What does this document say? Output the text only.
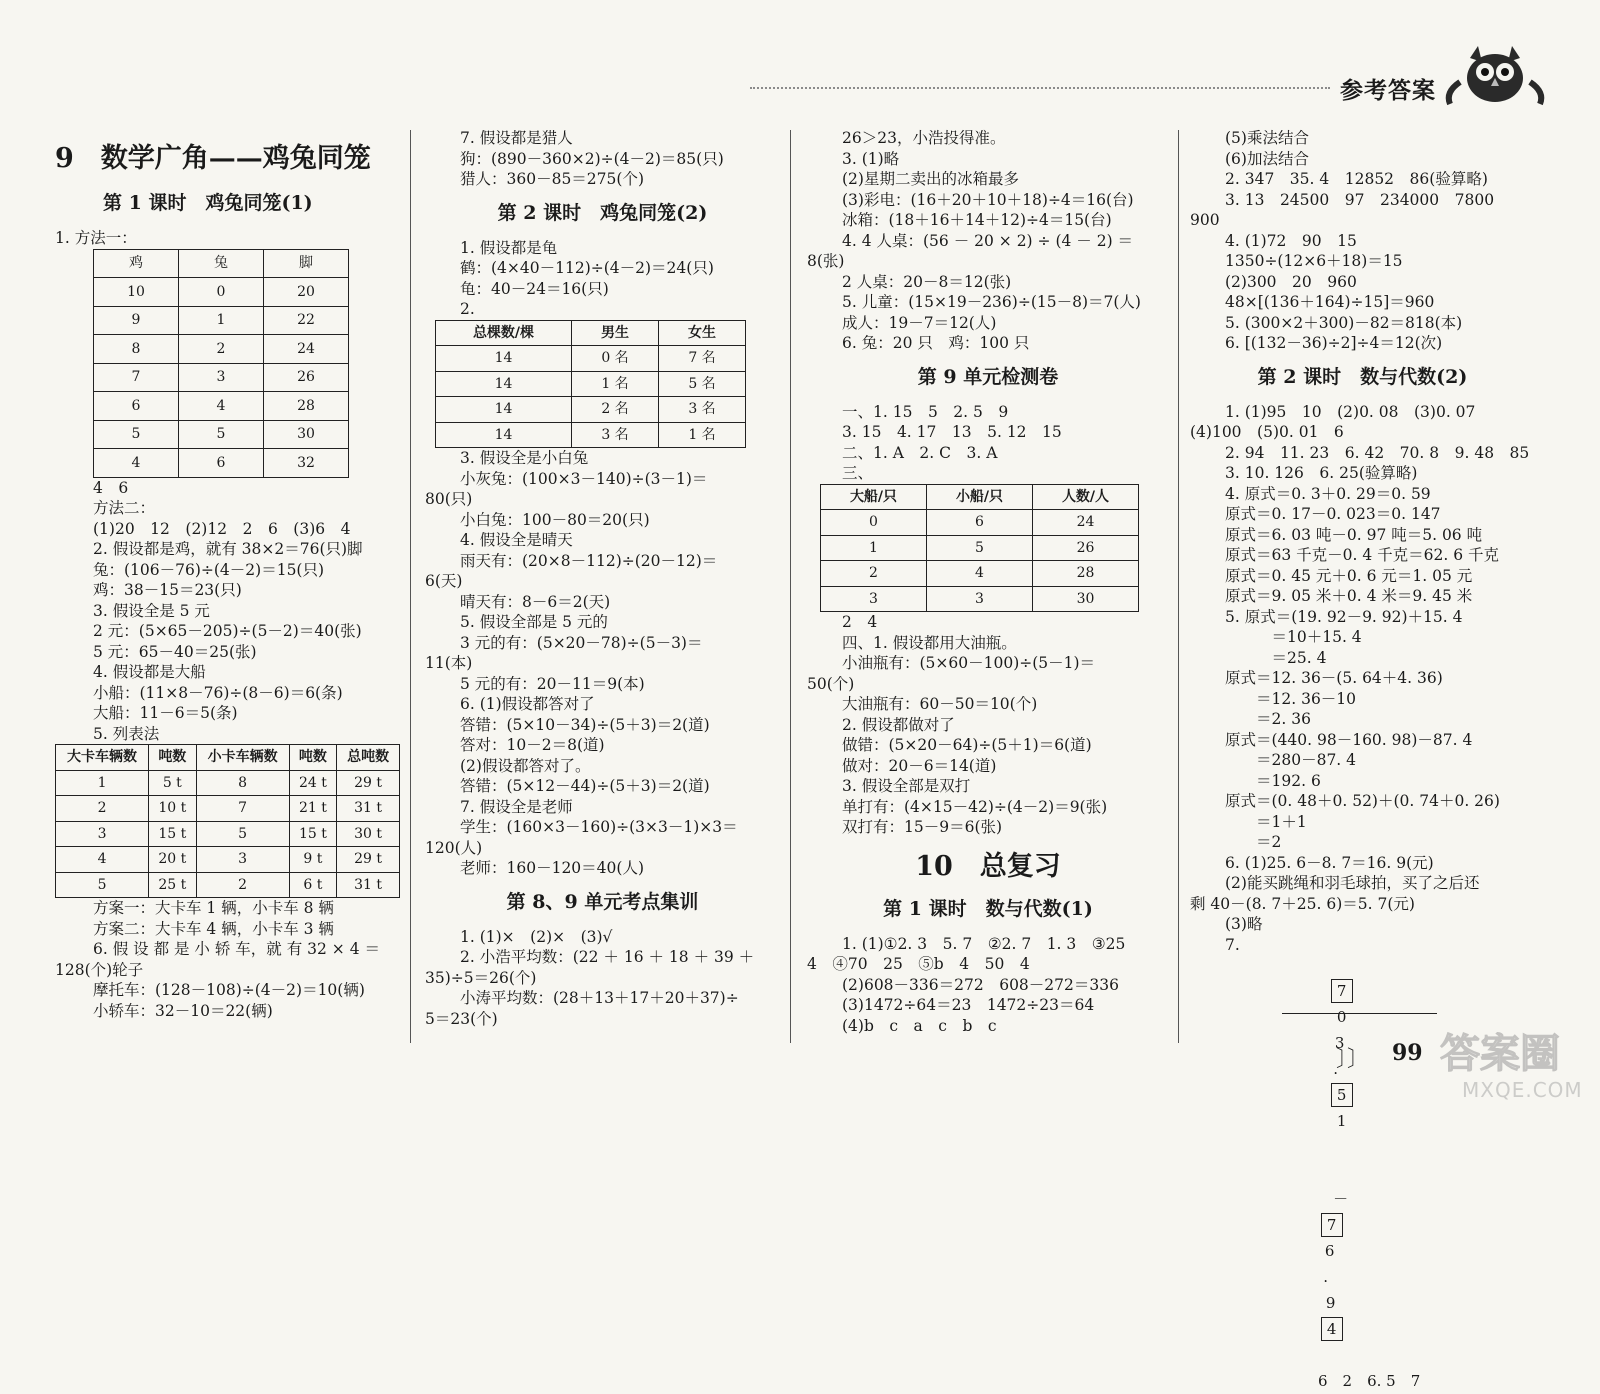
参考答案
9　数学广角——鸡兔同笼
第 1 课时　鸡兔同笼(1)
1. 方法一：
鸡	兔	脚
10	0	20
9	1	22
8	2	24
7	3	26
6	4	28
5	5	30
4	6	32
4　6
方法二：
(1)20　12　(2)12　2　6　(3)6　4
2. 假设都是鸡，就有 38×2＝76(只)脚
兔：(106－76)÷(4－2)＝15(只)
鸡：38－15＝23(只)
3. 假设全是 5 元
2 元：(5×65－205)÷(5－2)＝40(张)
5 元：65－40＝25(张)
4. 假设都是大船
小船：(11×8－76)÷(8－6)＝6(条)
大船：11－6＝5(条)
5. 列表法
大卡车辆数	吨数	小卡车辆数	吨数	总吨数
1	5 t	8	24 t	29 t
2	10 t	7	21 t	31 t
3	15 t	5	15 t	30 t
4	20 t	3	9 t	29 t
5	25 t	2	6 t	31 t
方案一：大卡车 1 辆，小卡车 8 辆
方案二：大卡车 4 辆，小卡车 3 辆
6. 假 设 都 是 小 轿 车，就 有 32 × 4 ＝
128(个)轮子
摩托车：(128－108)÷(4－2)＝10(辆)
小轿车：32－10＝22(辆)
7. 假设都是猎人
狗：(890－360×2)÷(4－2)＝85(只)
猎人：360－85＝275(个)
第 2 课时　鸡兔同笼(2)
1. 假设都是龟
鹤：(4×40－112)÷(4－2)＝24(只)
龟：40－24＝16(只)
2.
总棵数/棵	男生	女生
14	0 名	7 名
14	1 名	5 名
14	2 名	3 名
14	3 名	1 名
3. 假设全是小白兔
小灰兔：(100×3－140)÷(3－1)＝
80(只)
小白兔：100－80＝20(只)
4. 假设全是晴天
雨天有：(20×8－112)÷(20－12)＝
6(天)
晴天有：8－6＝2(天)
5. 假设全部是 5 元的
3 元的有：(5×20－78)÷(5－3)＝
11(本)
5 元的有：20－11＝9(本)
6. (1)假设都答对了
答错：(5×10－34)÷(5＋3)＝2(道)
答对：10－2＝8(道)
(2)假设都答对了。
答错：(5×12－44)÷(5＋3)＝2(道)
7. 假设全是老师
学生：(160×3－160)÷(3×3－1)×3＝
120(人)
老师：160－120＝40(人)
第 8、9 单元考点集训
1. (1)×　(2)×　(3)√
2. 小浩平均数：(22 ＋ 16 ＋ 18 ＋ 39 ＋
35)÷5＝26(个)
小涛平均数：(28＋13＋17＋20＋37)÷
5＝23(个)
26＞23，小浩投得准。
3. (1)略
(2)星期二卖出的冰箱最多
(3)彩电：(16＋20＋10＋18)÷4＝16(台)
冰箱：(18＋16＋14＋12)÷4＝15(台)
4. 4 人桌：(56 － 20 × 2) ÷ (4 － 2) ＝
8(张)
2 人桌：20－8＝12(张)
5. 儿童：(15×19－236)÷(15－8)＝7(人)
成人：19－7＝12(人)
6. 兔：20 只　鸡：100 只
第 9 单元检测卷
一、1. 15　5　2. 5　9
3. 15　4. 17　13　5. 12　15
二、1. A　2. C　3. A
三、
大船/只	小船/只	人数/人
0	6	24
1	5	26
2	4	28
3	3	30
2　4
四、1. 假设都用大油瓶。
小油瓶有：(5×60－100)÷(5－1)＝
50(个)
大油瓶有：60－50＝10(个)
2. 假设都做对了
做错：(5×20－64)÷(5＋1)＝6(道)
做对：20－6＝14(道)
3. 假设全部是双打
单打有：(4×15－42)÷(4－2)＝9(张)
双打有：15－9＝6(张)
10　总复习
第 1 课时　数与代数(1)
1. (1)①2. 3　5. 7　②2. 7　1. 3　③25
4　④70　25　⑤b　4　50　4
(2)608－336＝272　608－272＝336
(3)1472÷64＝23　1472÷23＝64
(4)b　c　a　c　b　c
(5)乘法结合
(6)加法结合
2. 347　35. 4　12852　86(验算略)
3. 13　24500　97　234000　7800
900
4. (1)72　90　15
1350÷(12×6＋18)＝15
(2)300　20　960
48×[(136＋164)÷15]＝960
5. (300×2＋300)－82＝818(本)
6. [(132－36)÷2]÷4＝12(次)
第 2 课时　数与代数(2)
1. (1)95　10　(2)0. 08　(3)0. 07
(4)100　(5)0. 01　6
2. 94　11. 23　6. 42　70. 8　9. 48　85
3. 10. 126　6. 25(验算略)
4. 原式＝0. 3＋0. 29＝0. 59
原式＝0. 17－0. 023＝0. 147
原式＝6. 03 吨－0. 97 吨＝5. 06 吨
原式＝63 千克－0. 4 千克＝62. 6 千克
原式＝0. 45 元＋0. 6 元＝1. 05 元
原式＝9. 05 米＋0. 4 米＝9. 45 米
5. 原式＝(19. 92－9. 92)＋15. 4
　　　＝10＋15. 4
　　　＝25. 4
原式＝12. 36－(5. 64＋4. 36)
　　＝12. 36－10
　　＝2. 36
原式＝(440. 98－160. 98)－87. 4
　　＝280－87. 4
　　＝192. 6
原式＝(0. 48＋0. 52)＋(0. 74＋0. 26)
　　＝1＋1
　　＝2
6. (1)25. 6－8. 7＝16. 9(元)
(2)能买跳绳和羽毛球拍，买了之后还
剩 40－(8. 7＋25. 6)＝5. 7(元)
(3)略
7.

7
0
3
.
5
1

－
7
6
.
9
4

6　2　6. 5　7
〕〕 99 答案圈
MXQE.COM
